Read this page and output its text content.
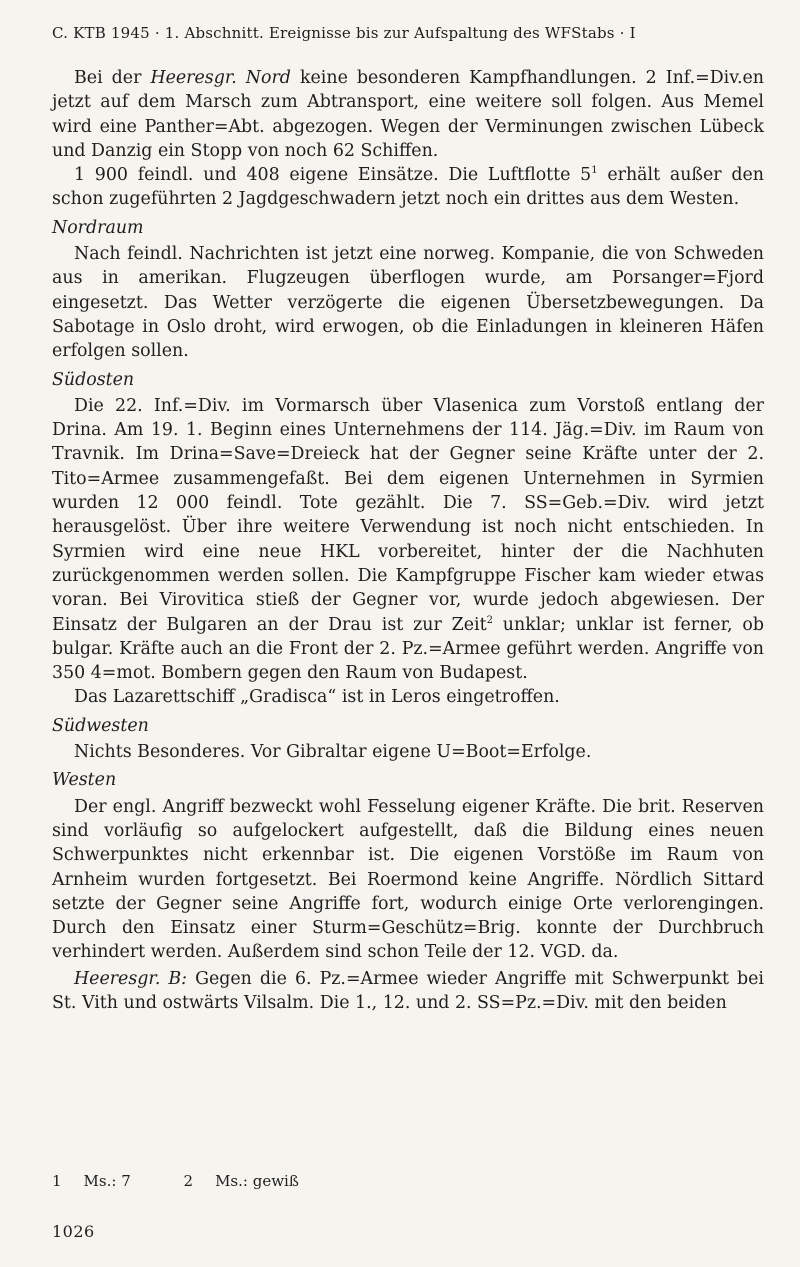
C. KTB 1945 · 1. Abschnitt. Ereignisse bis zur Aufspaltung des WFStabs · I

Bei der Heeresgr. Nord keine besonderen Kampfhandlungen. 2 Inf.=Div.en jetzt auf dem Marsch zum Abtransport, eine weitere soll folgen. Aus Memel wird eine Panther=Abt. abgezogen. Wegen der Verminungen zwischen Lübeck und Danzig ein Stopp von noch 62 Schiffen.

1 900 feindl. und 408 eigene Einsätze. Die Luftflotte $5^1$ erhält außer den schon zugeführten 2 Jagdgeschwadern jetzt noch ein drittes aus dem Westen.

Nordraum

Nach feindl. Nachrichten ist jetzt eine norweg. Kompanie, die von Schweden aus in amerikan. Flugzeugen überflogen wurde, am Porsanger=Fjord eingesetzt. Das Wetter verzögerte die eigenen Übersetzbewegungen. Da Sabotage in Oslo droht, wird erwogen, ob die Einladungen in kleineren Häfen erfolgen sollen.

Südosten

Die 22. Inf.=Div. im Vormarsch über Vlasenica zum Vorstoß entlang der Drina. Am 19. 1. Beginn eines Unternehmens der 114. Jäg.=Div. im Raum von Travnik. Im Drina=Save=Dreieck hat der Gegner seine Kräfte unter der 2. Tito=Armee zusammengefaßt. Bei dem eigenen Unternehmen in Syrmien wurden 12 000 feindl. Tote gezählt. Die 7. SS=Geb.=Div. wird jetzt herausgelöst. Über ihre weitere Verwendung ist noch nicht entschieden. In Syrmien wird eine neue HKL vorbereitet, hinter der die Nachhuten zurückgenommen werden sollen. Die Kampfgruppe Fischer kam wieder etwas voran. Bei Virovitica stieß der Gegner vor, wurde jedoch abgewiesen. Der Einsatz der Bulgaren an der Drau ist zur Zeit$^2$ unklar; unklar ist ferner, ob bulgar. Kräfte auch an die Front der 2. Pz.=Armee geführt werden. Angriffe von 350 4=mot. Bombern gegen den Raum von Budapest.

Das Lazarettschiff „Gradisca“ ist in Leros eingetroffen.

Südwesten

Nichts Besonderes. Vor Gibraltar eigene U=Boot=Erfolge.

Westen

Der engl. Angriff bezweckt wohl Fesselung eigener Kräfte. Die brit. Reserven sind vorläufig so aufgelockert aufgestellt, daß die Bildung eines neuen Schwerpunktes nicht erkennbar ist. Die eigenen Vorstöße im Raum von Arnheim wurden fortgesetzt. Bei Roermond keine Angriffe. Nördlich Sittard setzte der Gegner seine Angriffe fort, wodurch einige Orte verlorengingen. Durch den Einsatz einer Sturm=Geschütz=Brig. konnte der Durchbruch verhindert werden. Außerdem sind schon Teile der 12. VGD. da.

Heeresgr. B: Gegen die 6. Pz.=Armee wieder Angriffe mit Schwerpunkt bei St. Vith und ostwärts Vilsalm. Die 1., 12. und 2. SS=Pz.=Div. mit den beiden

1 Ms.: 7	2 Ms.: gewiß
1026
